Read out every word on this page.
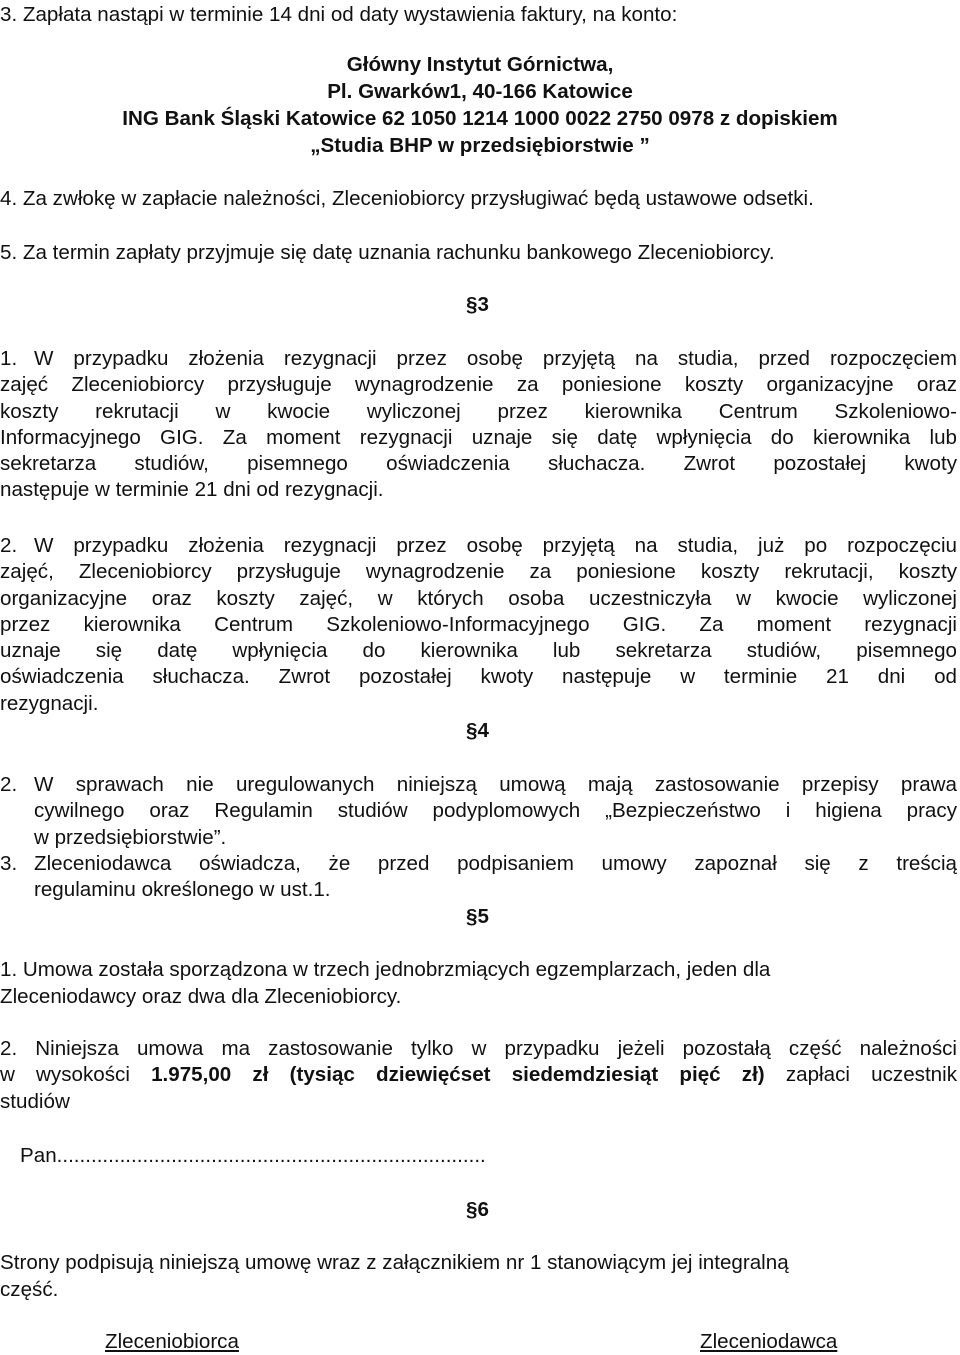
3. Zapłata nastąpi w terminie 14 dni od daty wystawienia faktury, na konto:
Główny Instytut Górnictwa,
Pl. Gwarków1, 40-166 Katowice
ING Bank Śląski Katowice 62 1050 1214 1000 0022 2750 0978 z dopiskiem
„Studia BHP w przedsiębiorstwie ”
4. Za zwłokę w zapłacie należności, Zleceniobiorcy przysługiwać będą ustawowe odsetki.
5. Za termin zapłaty przyjmuje się datę uznania rachunku bankowego Zleceniobiorcy.
§3
1. W przypadku złożenia rezygnacji przez osobę przyjętą na studia, przed rozpoczęciem
zajęć Zleceniobiorcy przysługuje wynagrodzenie za poniesione koszty organizacyjne oraz
koszty rekrutacji w kwocie wyliczonej przez kierownika Centrum Szkoleniowo-
Informacyjnego GIG. Za moment rezygnacji uznaje się datę wpłynięcia do kierownika lub
sekretarza studiów, pisemnego oświadczenia słuchacza. Zwrot pozostałej kwoty
następuje w terminie 21 dni od rezygnacji.
2. W przypadku złożenia rezygnacji przez osobę przyjętą na studia, już po rozpoczęciu
zajęć, Zleceniobiorcy przysługuje wynagrodzenie za poniesione koszty rekrutacji, koszty
organizacyjne oraz koszty zajęć, w których osoba uczestniczyła w kwocie wyliczonej
przez kierownika Centrum Szkoleniowo-Informacyjnego GIG. Za moment rezygnacji
uznaje się datę wpłynięcia do kierownika lub sekretarza studiów, pisemnego
oświadczenia słuchacza. Zwrot pozostałej kwoty następuje w terminie 21 dni od
rezygnacji.
§4
2. W sprawach nie uregulowanych niniejszą umową mają zastosowanie przepisy prawa
cywilnego oraz Regulamin studiów podyplomowych „Bezpieczeństwo i higiena pracy
w przedsiębiorstwie”.
3. Zleceniodawca oświadcza, że przed podpisaniem umowy zapoznał się z treścią
regulaminu określonego w ust.1.
§5
1. Umowa została sporządzona w trzech jednobrzmiących egzemplarzach, jeden dla
Zleceniodawcy oraz dwa dla Zleceniobiorcy.
2. Niniejsza umowa ma zastosowanie tylko w przypadku jeżeli pozostałą część należności
w wysokości 1.975,00 zł (tysiąc dziewięćset siedemdziesiąt pięć zł) zapłaci uczestnik
studiów
Pan...........................................................................
§6
Strony podpisują niniejszą umowę wraz z załącznikiem nr 1 stanowiącym jej integralną
część.
Zleceniobiorca	Zleceniodawca
